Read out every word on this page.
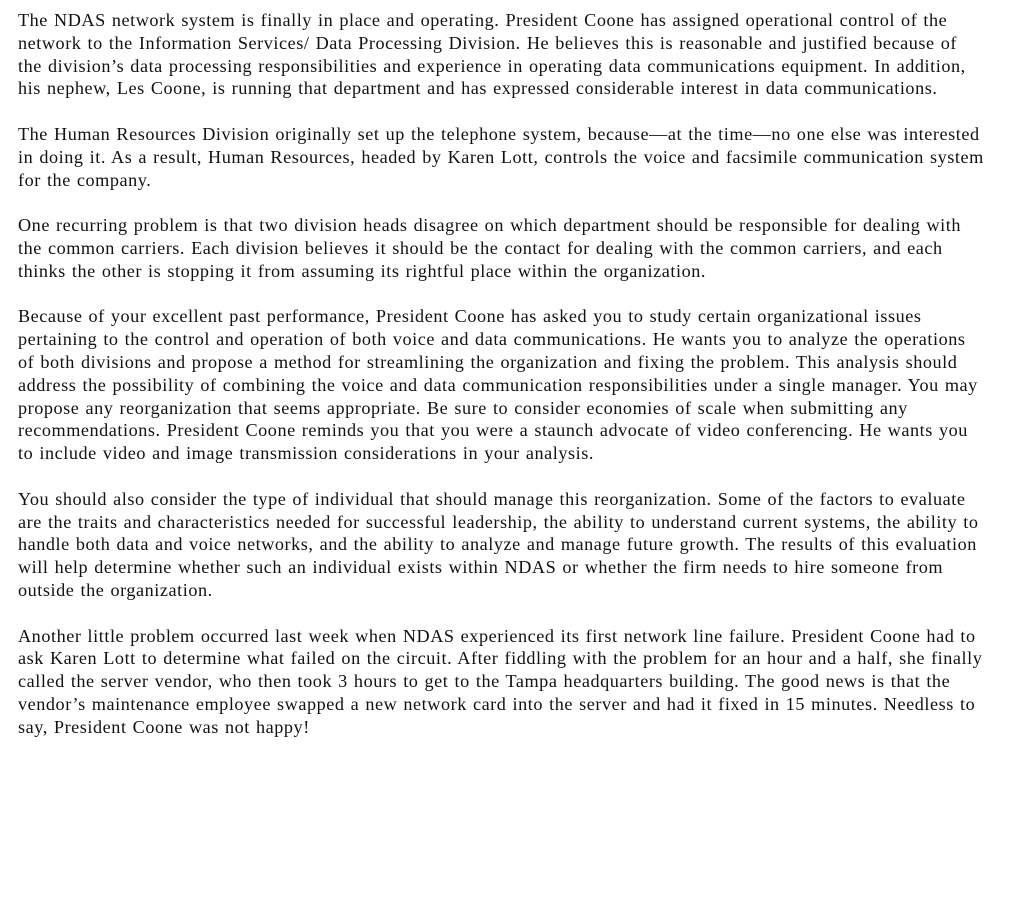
The NDAS network system is finally in place and operating. President Coone has assigned operational control of the network to the Information Services/ Data Processing Division. He believes this is reasonable and justified because of the division’s data processing responsibilities and experience in operating data communications equipment. In addition, his nephew, Les Coone, is running that department and has expressed considerable interest in data communications.

The Human Resources Division originally set up the telephone system, because—at the time—no one else was interested in doing it. As a result, Human Resources, headed by Karen Lott, controls the voice and facsimile communication system for the company.

One recurring problem is that two division heads disagree on which department should be responsible for dealing with the common carriers. Each division believes it should be the contact for dealing with the common carriers, and each thinks the other is stopping it from assuming its rightful place within the organization.

Because of your excellent past performance, President Coone has asked you to study certain organizational issues pertaining to the control and operation of both voice and data communications. He wants you to analyze the operations of both divisions and propose a method for streamlining the organization and fixing the problem. This analysis should address the possibility of combining the voice and data communication responsibilities under a single manager. You may propose any reorganization that seems appropriate. Be sure to consider economies of scale when submitting any recommendations. President Coone reminds you that you were a staunch advocate of video conferencing. He wants you to include video and image transmission considerations in your analysis.

You should also consider the type of individual that should manage this reorganization. Some of the factors to evaluate are the traits and characteristics needed for successful leadership, the ability to understand current systems, the ability to handle both data and voice networks, and the ability to analyze and manage future growth. The results of this evaluation will help determine whether such an individual exists within NDAS or whether the firm needs to hire someone from outside the organization.

Another little problem occurred last week when NDAS experienced its first network line failure. President Coone had to ask Karen Lott to determine what failed on the circuit. After fiddling with the problem for an hour and a half, she finally called the server vendor, who then took 3 hours to get to the Tampa headquarters building. The good news is that the vendor’s maintenance employee swapped a new network card into the server and had it fixed in 15 minutes. Needless to say, President Coone was not happy!
